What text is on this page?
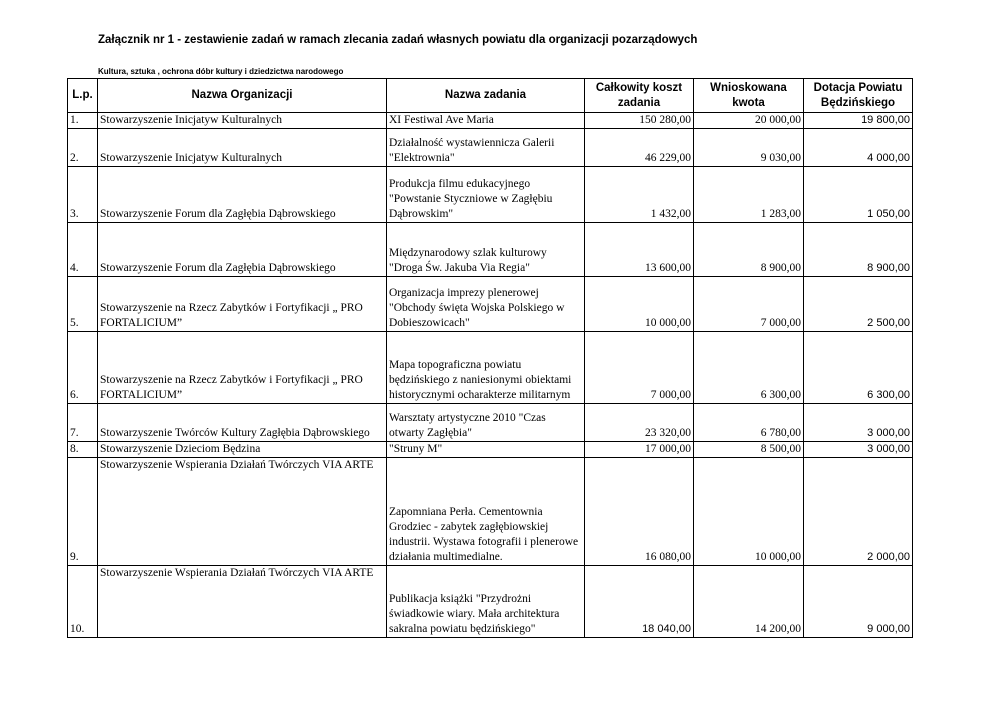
Załącznik nr 1 - zestawienie zadań w ramach zlecania zadań własnych powiatu dla organizacji pozarządowych
Kultura, sztuka , ochrona dóbr kultury i dziedzictwa narodowego
L.p.	Nazwa Organizacji	Nazwa zadania	Całkowity koszt zadania	Wnioskowana kwota	Dotacja Powiatu Będzińskiego
1.	Stowarzyszenie Inicjatyw Kulturalnych	XI Festiwal Ave Maria	150 280,00	20 000,00	19 800,00
2.	Stowarzyszenie Inicjatyw Kulturalnych	Działalność wystawiennicza Galerii "Elektrownia"	46 229,00	9 030,00	4 000,00
3.	Stowarzyszenie Forum dla Zagłębia Dąbrowskiego	Produkcja filmu edukacyjnego "Powstanie Styczniowe w Zagłębiu Dąbrowskim"	1 432,00	1 283,00	1 050,00
4.	Stowarzyszenie Forum dla Zagłębia Dąbrowskiego	Międzynarodowy szlak kulturowy "Droga Św. Jakuba Via Regia"	13 600,00	8 900,00	8 900,00
5.	Stowarzyszenie na Rzecz Zabytków i Fortyfikacji „ PRO FORTALICIUM”	Organizacja imprezy plenerowej "Obchody święta Wojska Polskiego w Dobieszowicach"	10 000,00	7 000,00	2 500,00
6.	Stowarzyszenie na Rzecz Zabytków i Fortyfikacji „ PRO FORTALICIUM”	Mapa topograficzna powiatu będzińskiego z naniesionymi obiektami historycznymi ocharakterze militarnym	7 000,00	6 300,00	6 300,00
7.	Stowarzyszenie Twórców Kultury Zagłębia Dąbrowskiego	Warsztaty artystyczne 2010 "Czas otwarty Zagłębia"	23 320,00	6 780,00	3 000,00
8.	Stowarzyszenie Dzieciom Będzina	"Struny M"	17 000,00	8 500,00	3 000,00
9.	Stowarzyszenie Wspierania Działań Twórczych VIA ARTE	Zapomniana Perła. Cementownia Grodziec - zabytek zagłębiowskiej industrii. Wystawa fotografii i plenerowe działania multimedialne.	16 080,00	10 000,00	2 000,00
10.	Stowarzyszenie Wspierania Działań Twórczych VIA ARTE	Publikacja książki "Przydrożni świadkowie wiary. Mała architektura sakralna powiatu będzińskiego"	18 040,00	14 200,00	9 000,00
